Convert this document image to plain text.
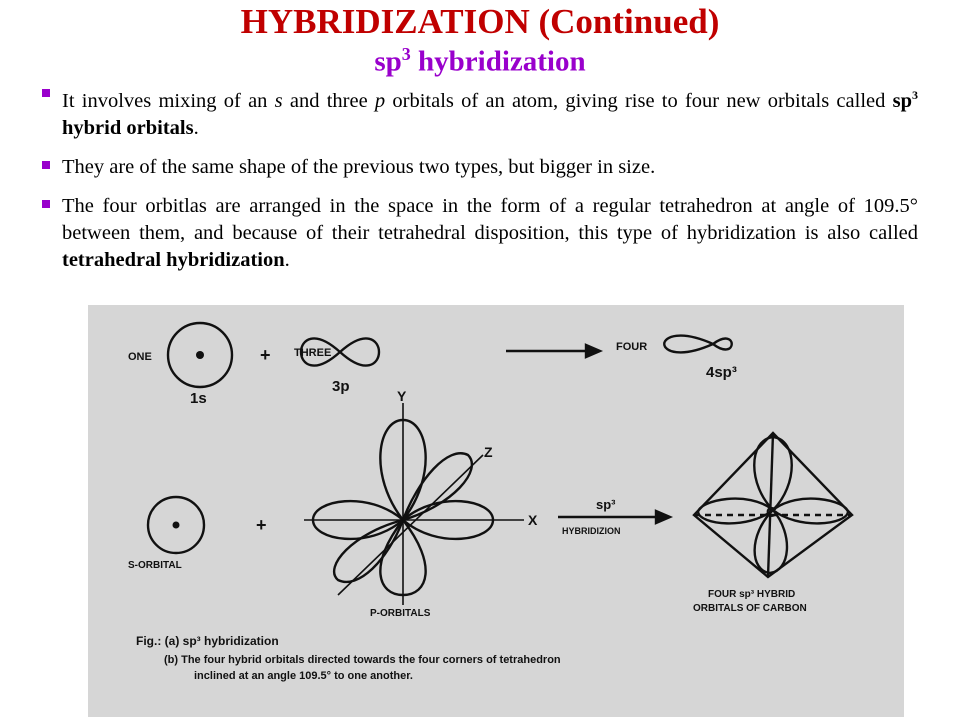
HYBRIDIZATION (Continued)
$sp^3$ hybridization
It involves mixing of an s and three p orbitals of an atom, giving rise to four new orbitals called $sp^3$ hybrid orbitals.
They are of the same shape of the previous two types, but bigger in size.
The four orbitlas are arranged in the space in the form of a regular tetrahedron at angle of 109.5° between them, and because of their tetrahedral disposition, this type of hybridization is also called tetrahedral hybridization.
ONE	+ THREE	FOUR
1s
3p
4sp³
Y
Z
X
S-ORBITAL
+
P-ORBITALS
sp³
HYBRIDIZION
C
FOUR sp³ HYBRID
ORBITALS OF CARBON
Fig.: (a) sp³ hybridization
(b) The four hybrid orbitals directed towards the four corners of tetrahedron
inclined at an angle 109.5° to one another.
